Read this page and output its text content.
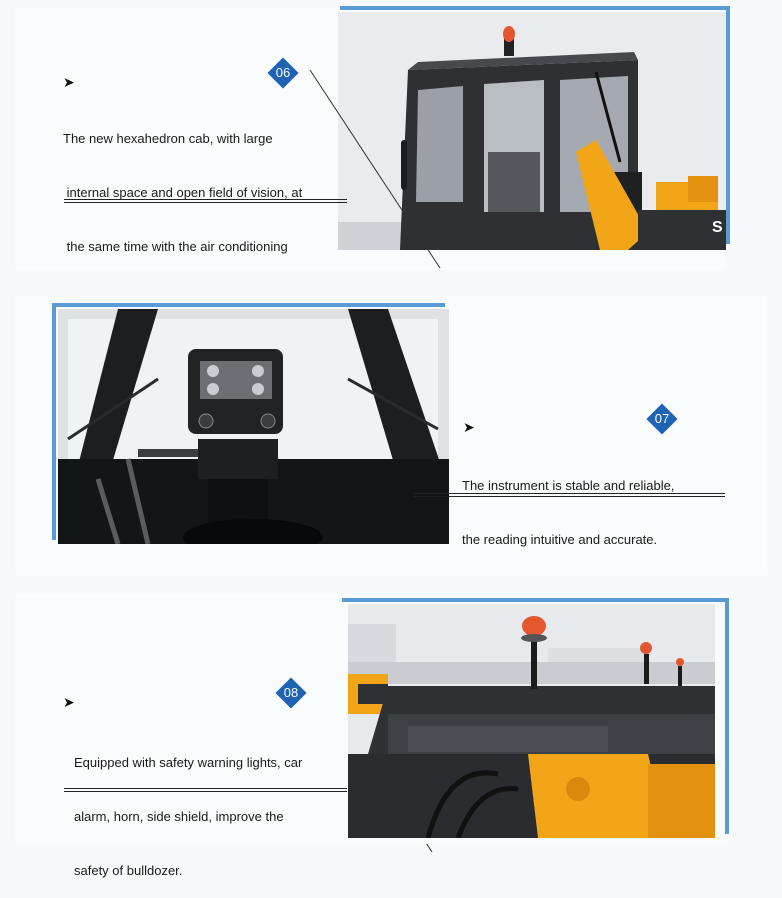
S
06
➤

The new hexahedron cab, with large

internal space and open field of vision, at

the same time with the air conditioning

07
➤

The instrument is stable and reliable,

the reading intuitive and accurate.

08
➤

Equipped with safety warning lights, car

alarm, horn, side shield, improve the

safety of bulldozer.
